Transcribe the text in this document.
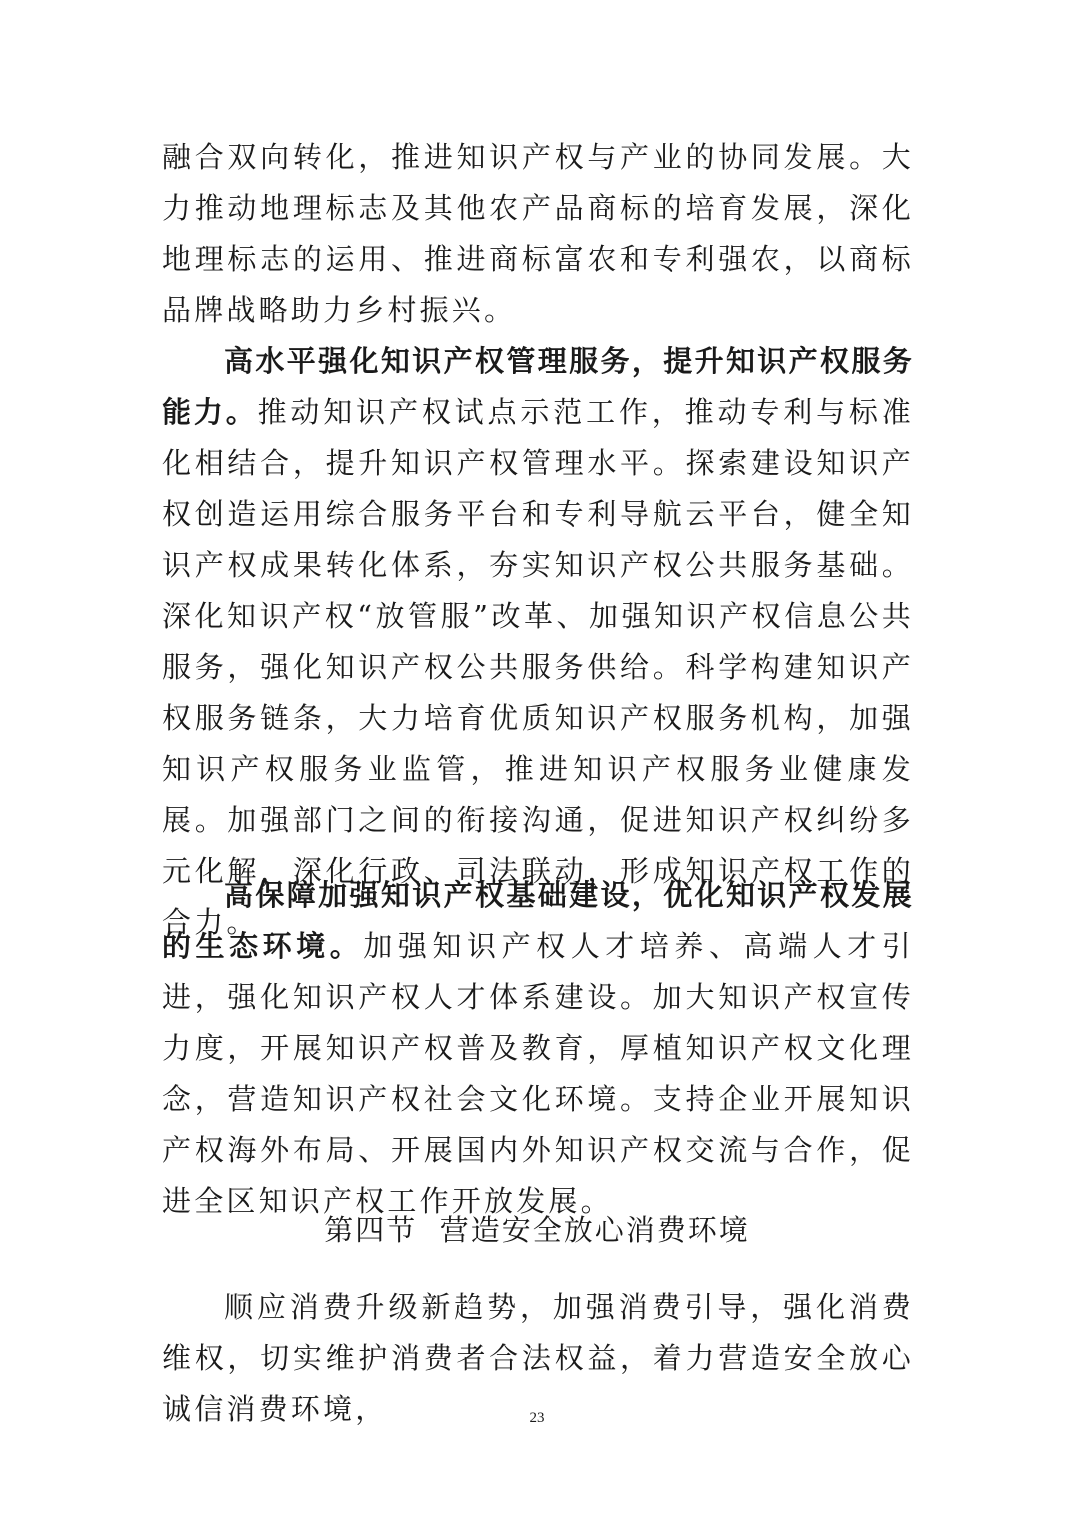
融合双向转化，推进知识产权与产业的协同发展。大力推动地理标志及其他农产品商标的培育发展，深化地理标志的运用、推进商标富农和专利强农，以商标品牌战略助力乡村振兴。

高水平强化知识产权管理服务，提升知识产权服务能力。推动知识产权试点示范工作，推动专利与标准化相结合，提升知识产权管理水平。探索建设知识产权创造运用综合服务平台和专利导航云平台，健全知识产权成果转化体系，夯实知识产权公共服务基础。深化知识产权“放管服”改革、加强知识产权信息公共服务，强化知识产权公共服务供给。科学构建知识产权服务链条，大力培育优质知识产权服务机构，加强知识产权服务业监管，推进知识产权服务业健康发展。加强部门之间的衔接沟通，促进知识产权纠纷多元化解，深化行政、司法联动，形成知识产权工作的合力。

高保障加强知识产权基础建设，优化知识产权发展的生态环境。加强知识产权人才培养、高端人才引进，强化知识产权人才体系建设。加大知识产权宣传力度，开展知识产权普及教育，厚植知识产权文化理念，营造知识产权社会文化环境。支持企业开展知识产权海外布局、开展国内外知识产权交流与合作，促进全区知识产权工作开放发展。

第四节  营造安全放心消费环境

顺应消费升级新趋势，加强消费引导，强化消费维权，切实维护消费者合法权益，着力营造安全放心诚信消费环境，	23
